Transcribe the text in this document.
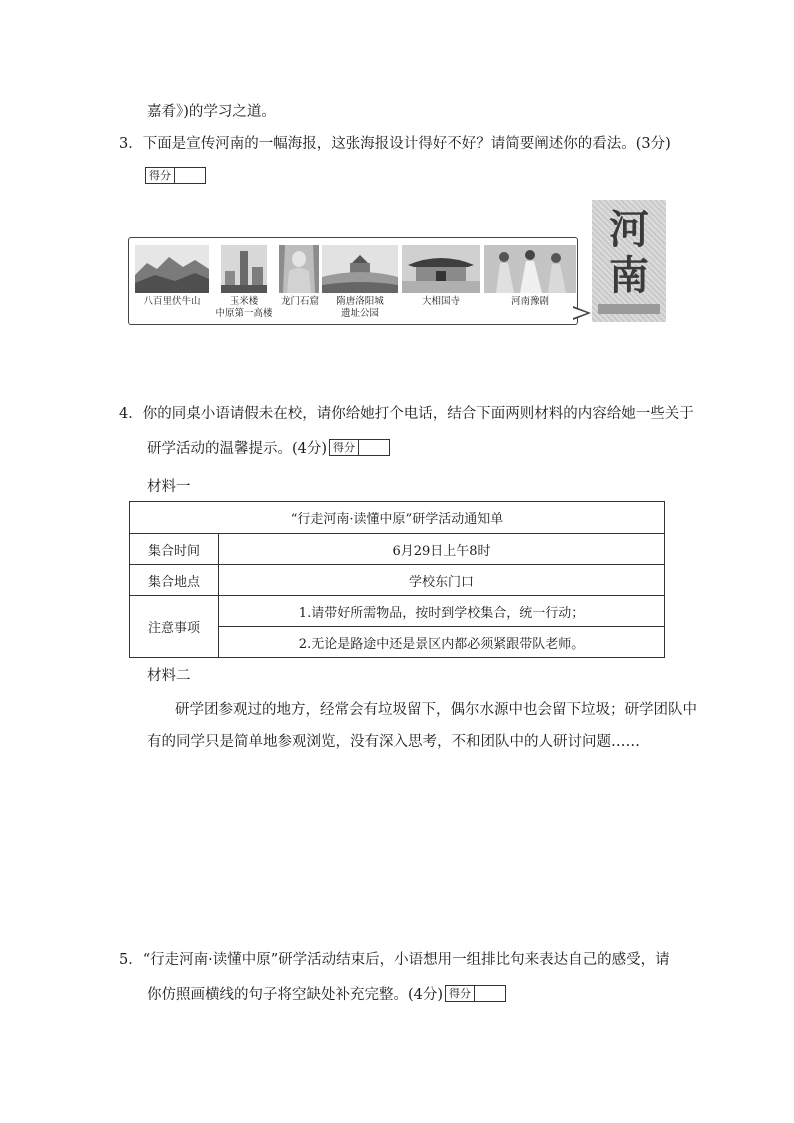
嘉肴》)的学习之道。
3．下面是宣传河南的一幅海报，这张海报设计得好不好？请简要阐述你的看法。(3分)
得分
八百里伏牛山	玉米楼
中原第一高楼
龙门石窟	隋唐洛阳城
遗址公园
大相国寺	河南豫剧
河
南
4．你的同桌小语请假未在校，请你给她打个电话，结合下面两则材料的内容给她一些关于
研学活动的温馨提示。(4分) 得分
材料一
“行走河南·读懂中原”研学活动通知单	
集合时间	6月29日上午8时
集合地点	学校东门口
注意事项	1.请带好所需物品，按时到学校集合，统一行动；
	2.无论是路途中还是景区内都必须紧跟带队老师。
材料二
研学团参观过的地方，经常会有垃圾留下，偶尔水源中也会留下垃圾；研学团队中
有的同学只是简单地参观浏览，没有深入思考，不和团队中的人研讨问题……
5．“行走河南·读懂中原”研学活动结束后，小语想用一组排比句来表达自己的感受，请
你仿照画横线的句子将空缺处补充完整。(4分) 得分
